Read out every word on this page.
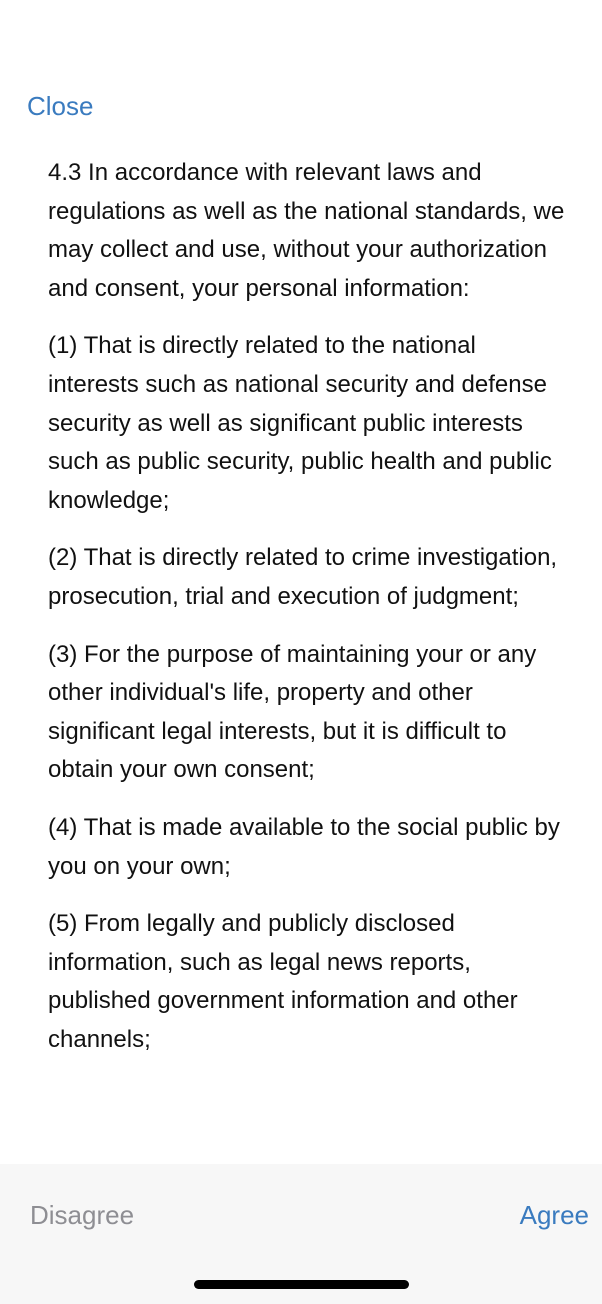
Close

4.3 In accordance with relevant laws and regulations as well as the national standards, we may collect and use, without your authorization and consent, your personal information:

(1) That is directly related to the national interests such as national security and defense security as well as significant public interests such as public security, public health and public knowledge;

(2) That is directly related to crime investigation, prosecution, trial and execution of judgment;

(3) For the purpose of maintaining your or any other individual's life, property and other significant legal interests, but it is difficult to obtain your own consent;

(4) That is made available to the social public by you on your own;

(5) From legally and publicly disclosed information, such as legal news reports, published government information and other channels;

Disagree	Agree
